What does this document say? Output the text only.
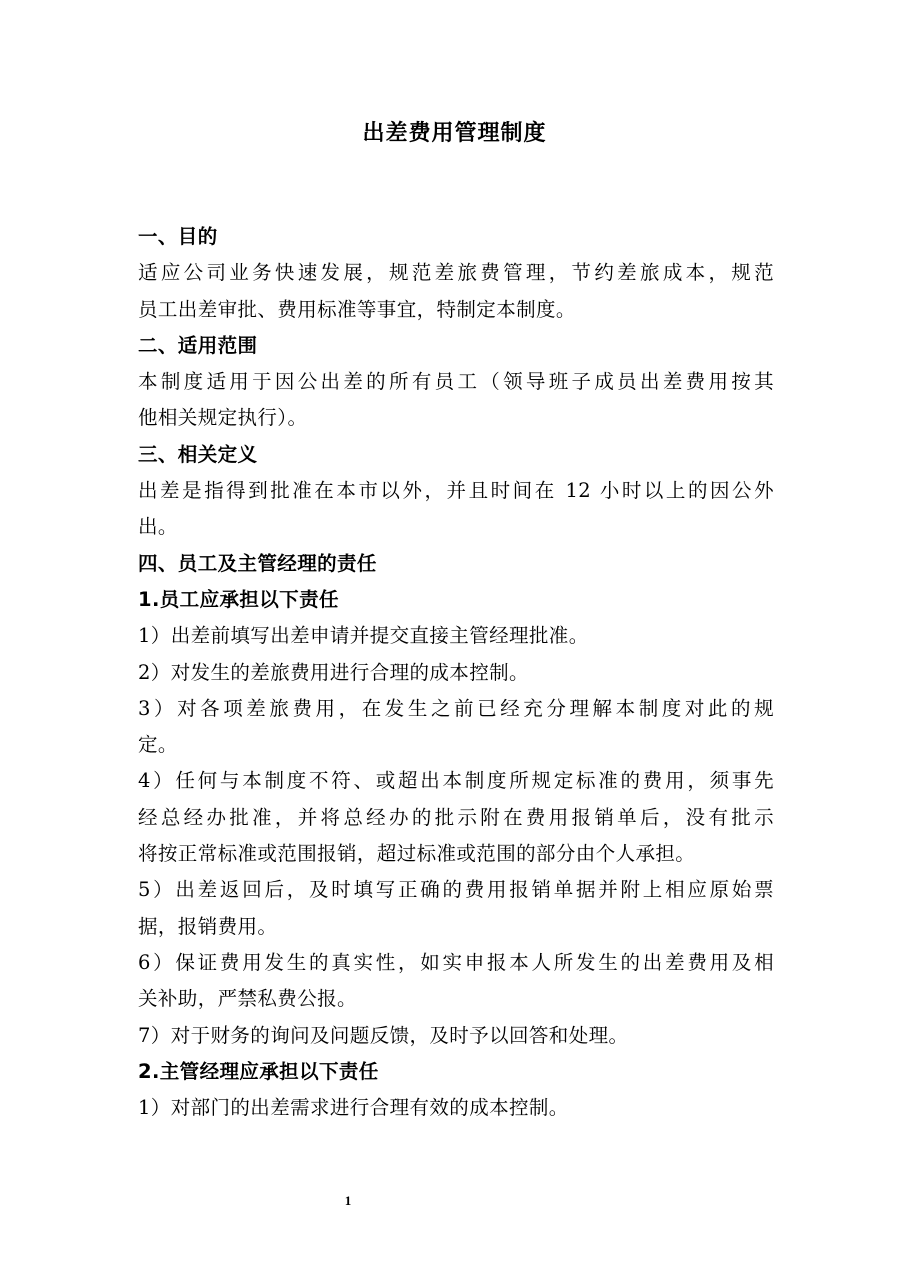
出差费用管理制度
一、目的
适应公司业务快速发展，规范差旅费管理，节约差旅成本，规范
员工出差审批、费用标准等事宜，特制定本制度。
二、适用范围
本制度适用于因公出差的所有员工（领导班子成员出差费用按其
他相关规定执行）。
三、相关定义
出差是指得到批准在本市以外，并且时间在 12 小时以上的因公外
出。
四、员工及主管经理的责任
1.员工应承担以下责任
1）出差前填写出差申请并提交直接主管经理批准。
2）对发生的差旅费用进行合理的成本控制。
3）对各项差旅费用，在发生之前已经充分理解本制度对此的规
定。
4）任何与本制度不符、或超出本制度所规定标准的费用，须事先
经总经办批准，并将总经办的批示附在费用报销单后，没有批示
将按正常标准或范围报销，超过标准或范围的部分由个人承担。
5）出差返回后，及时填写正确的费用报销单据并附上相应原始票
据，报销费用。
6）保证费用发生的真实性，如实申报本人所发生的出差费用及相
关补助，严禁私费公报。
7）对于财务的询问及问题反馈，及时予以回答和处理。
2.主管经理应承担以下责任
1）对部门的出差需求进行合理有效的成本控制。
1
